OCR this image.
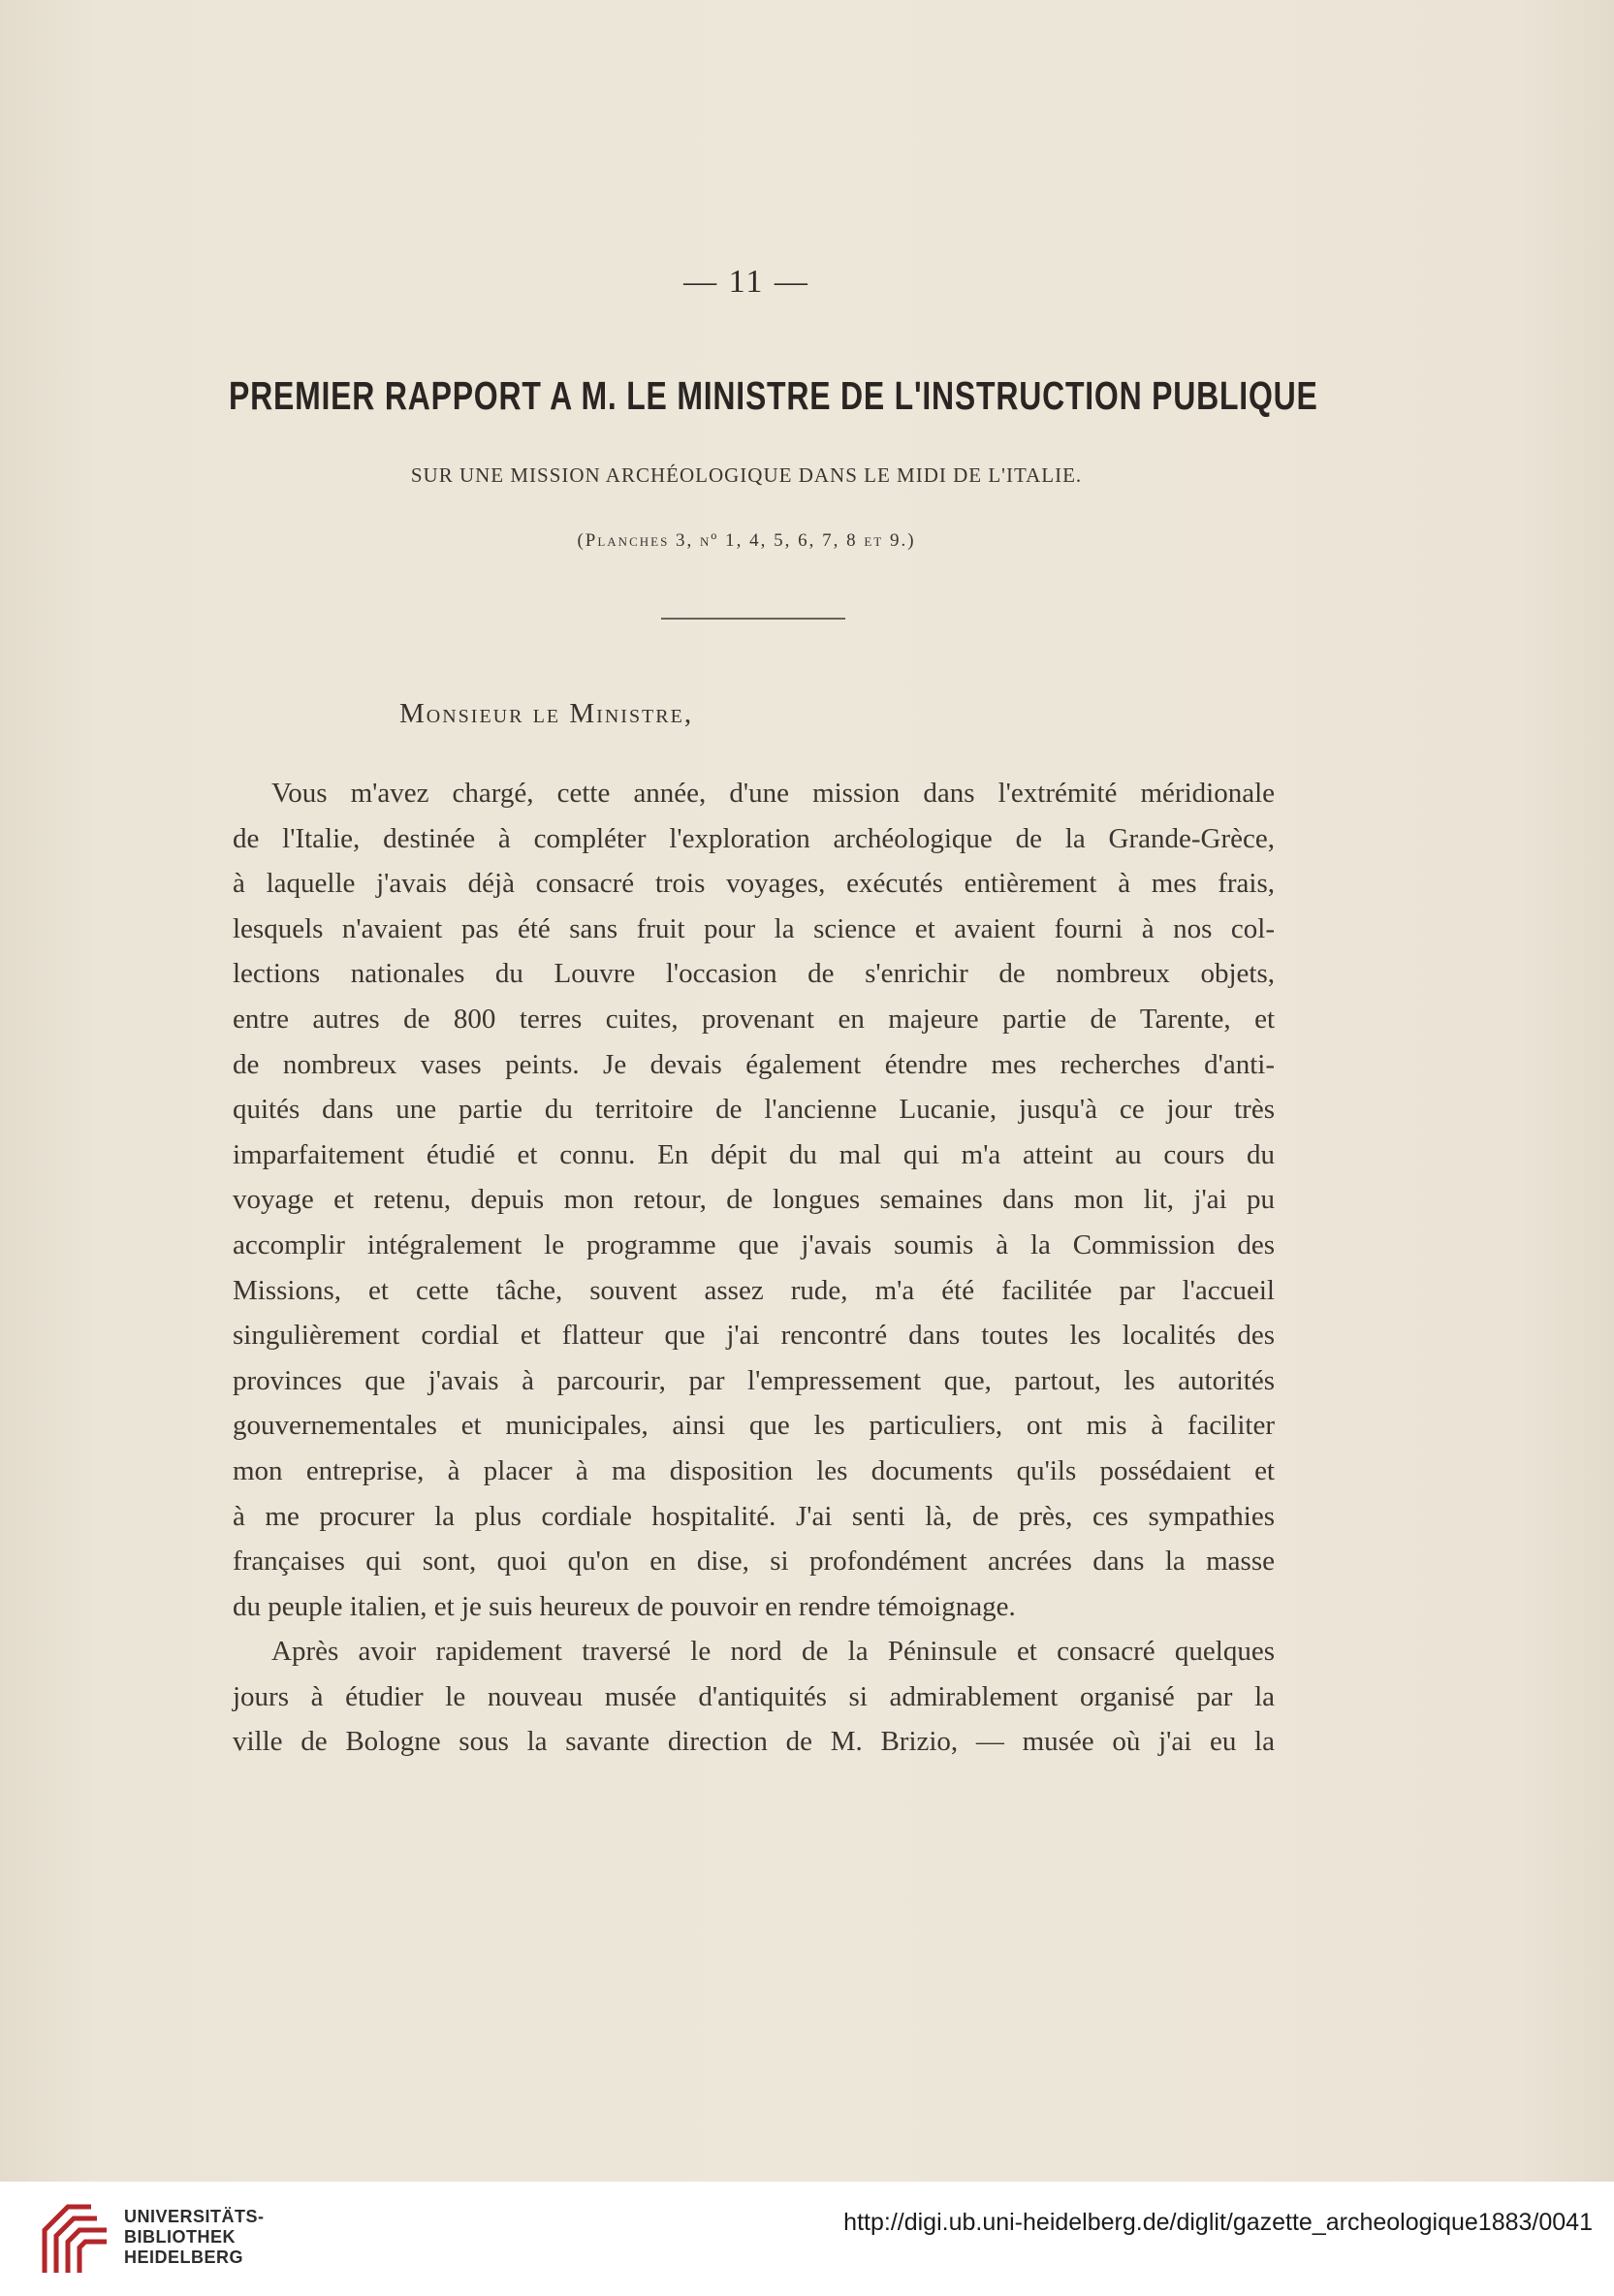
— 11 —
PREMIER RAPPORT A M. LE MINISTRE DE L'INSTRUCTION PUBLIQUE
SUR UNE MISSION ARCHÉOLOGIQUE DANS LE MIDI DE L'ITALIE.
(Planches 3, nº 1, 4, 5, 6, 7, 8 et 9.)
Monsieur le Ministre,
Vous m'avez chargé, cette année, d'une mission dans l'extrémité méridionale
de l'Italie, destinée à compléter l'exploration archéologique de la Grande-Grèce,
à laquelle j'avais déjà consacré trois voyages, exécutés entièrement à mes frais,
lesquels n'avaient pas été sans fruit pour la science et avaient fourni à nos col-
lections nationales du Louvre l'occasion de s'enrichir de nombreux objets,
entre autres de 800 terres cuites, provenant en majeure partie de Tarente, et
de nombreux vases peints. Je devais également étendre mes recherches d'anti-
quités dans une partie du territoire de l'ancienne Lucanie, jusqu'à ce jour très
imparfaitement étudié et connu. En dépit du mal qui m'a atteint au cours du
voyage et retenu, depuis mon retour, de longues semaines dans mon lit, j'ai pu
accomplir intégralement le programme que j'avais soumis à la Commission des
Missions, et cette tâche, souvent assez rude, m'a été facilitée par l'accueil
singulièrement cordial et flatteur que j'ai rencontré dans toutes les localités des
provinces que j'avais à parcourir, par l'empressement que, partout, les autorités
gouvernementales et municipales, ainsi que les particuliers, ont mis à faciliter
mon entreprise, à placer à ma disposition les documents qu'ils possédaient et
à me procurer la plus cordiale hospitalité. J'ai senti là, de près, ces sympathies
françaises qui sont, quoi qu'on en dise, si profondément ancrées dans la masse
du peuple italien, et je suis heureux de pouvoir en rendre témoignage.
Après avoir rapidement traversé le nord de la Péninsule et consacré quelques
jours à étudier le nouveau musée d'antiquités si admirablement organisé par la
ville de Bologne sous la savante direction de M. Brizio, — musée où j'ai eu la
UNIVERSITÄTS-
BIBLIOTHEK
HEIDELBERG
http://digi.ub.uni-heidelberg.de/diglit/gazette_archeologique1883/0041
